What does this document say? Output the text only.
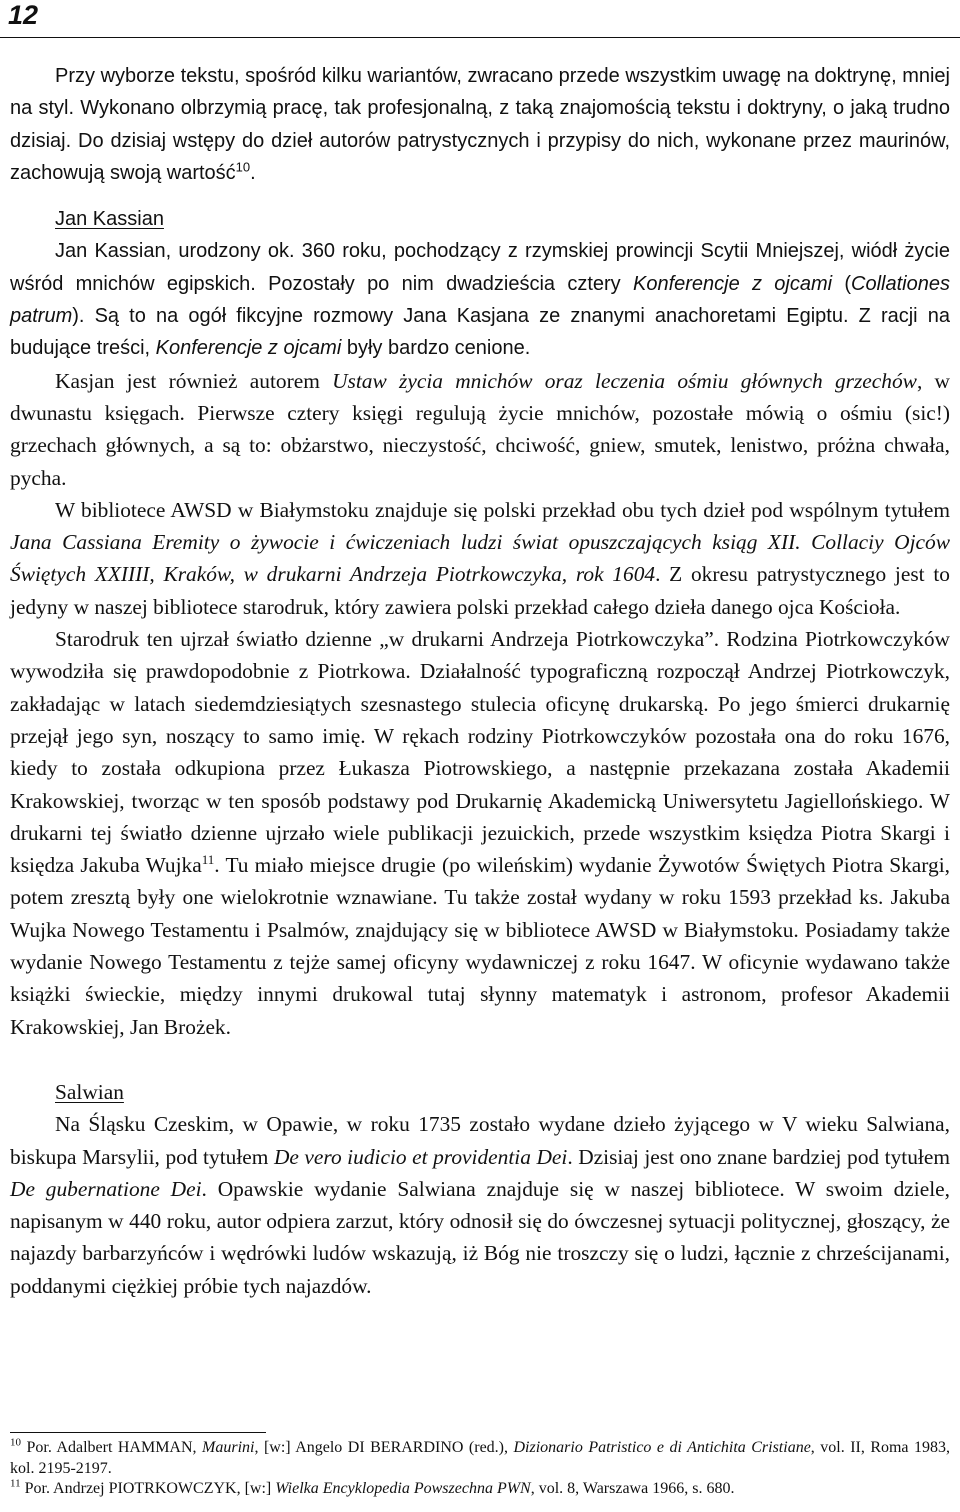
12

Przy wyborze tekstu, spośród kilku wariantów, zwracano przede wszystkim uwagę na doktrynę, mniej na styl. Wykonano olbrzymią pracę, tak profesjonalną, z taką znajomością tekstu i doktryny, o jaką trudno dzisiaj. Do dzisiaj wstępy do dzieł autorów patrystycznych i przypisy do nich, wykonane przez maurinów, zachowują swoją wartość$^{10}$.

Jan Kassian

Jan Kassian, urodzony ok. 360 roku, pochodzący z rzymskiej prowincji Scytii Mniejszej, wiódł życie wśród mnichów egipskich. Pozostały po nim dwadzieścia cztery Konferencje z ojcami (Collationes patrum). Są to na ogół fikcyjne rozmowy Jana Kasjana ze znanymi anachoretami Egiptu. Z racji na budujące treści, Konferencje z ojcami były bardzo cenione.

Kasjan jest również autorem Ustaw życia mnichów oraz leczenia ośmiu głównych grzechów, w dwunastu księgach. Pierwsze cztery księgi regulują życie mnichów, pozostałe mówią o ośmiu (sic!) grzechach głównych, a są to: obżarstwo, nieczystość, chciwość, gniew, smutek, lenistwo, próżna chwała, pycha.

W bibliotece AWSD w Białymstoku znajduje się polski przekład obu tych dzieł pod wspólnym tytułem Jana Cassiana Eremity o żywocie i ćwiczeniach ludzi świat opuszczających ksiąg XII. Collaciy Ojców Świętych XXIIII, Kraków, w drukarni Andrzeja Piotrkowczyka, rok 1604. Z okresu patrystycznego jest to jedyny w naszej bibliotece starodruk, który zawiera polski przekład całego dzieła danego ojca Kościoła.

Starodruk ten ujrzał światło dzienne „w drukarni Andrzeja Piotrkowczyka”. Rodzina Piotrkowczyków wywodziła się prawdopodobnie z Piotrkowa. Działalność typograficzną rozpoczął Andrzej Piotrkowczyk, zakładając w latach siedemdziesiątych szesnastego stulecia oficynę drukarską. Po jego śmierci drukarnię przejął jego syn, noszący to samo imię. W rękach rodziny Piotrkowczyków pozostała ona do roku 1676, kiedy to została odkupiona przez Łukasza Piotrowskiego, a następnie przekazana została Akademii Krakowskiej, tworząc w ten sposób podstawy pod Drukarnię Akademicką Uniwersytetu Jagiellońskiego. W drukarni tej światło dzienne ujrzało wiele publikacji jezuickich, przede wszystkim księdza Piotra Skargi i księdza Jakuba Wujka$^{11}$. Tu miało miejsce drugie (po wileńskim) wydanie Żywotów Świętych Piotra Skargi, potem zresztą były one wielokrotnie wznawiane. Tu także został wydany w roku 1593 przekład ks. Jakuba Wujka Nowego Testamentu i Psalmów, znajdujący się w bibliotece AWSD w Białymstoku. Posiadamy także wydanie Nowego Testamentu z tejże samej oficyny wydawniczej z roku 1647. W oficynie wydawano także książki świeckie, między innymi drukowal tutaj słynny matematyk i astronom, profesor Akademii Krakowskiej, Jan Brożek.

Salwian

Na Śląsku Czeskim, w Opawie, w roku 1735 zostało wydane dzieło żyjącego w V wieku Salwiana, biskupa Marsylii, pod tytułem De vero iudicio et providentia Dei. Dzisiaj jest ono znane bardziej pod tytułem De gubernatione Dei. Opawskie wydanie Salwiana znajduje się w naszej bibliotece. W swoim dziele, napisanym w 440 roku, autor odpiera zarzut, który odnosił się do ówczesnej sytuacji politycznej, głoszący, że najazdy barbarzyńców i wędrówki ludów wskazują, iż Bóg nie troszczy się o ludzi, łącznie z chrześcijanami, poddanymi ciężkiej próbie tych najazdów.

$^{10}$ Por. Adalbert HAMMAN, Maurini, [w:] Angelo DI BERARDINO (red.), Dizionario Patristico e di Antichita Cristiane, vol. II, Roma 1983, kol. 2195-2197.

$^{11}$ Por. Andrzej PIOTRKOWCZYK, [w:] Wielka Encyklopedia Powszechna PWN, vol. 8, Warszawa 1966, s. 680.
